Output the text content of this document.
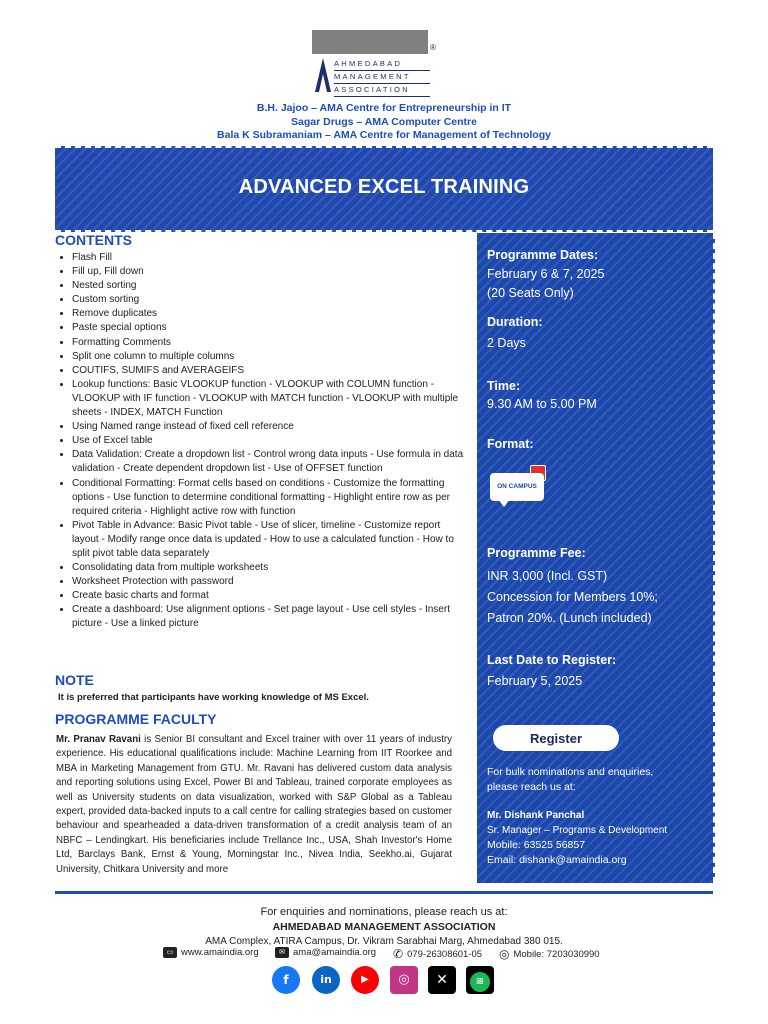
®
AHMEDABAD
MANAGEMENT
ASSOCIATION
B.H. Jajoo – AMA Centre for Entrepreneurship in IT
Sagar Drugs – AMA Computer Centre
Bala K Subramaniam – AMA Centre for Management of Technology
ADVANCED EXCEL TRAINING
CONTENTS
• Flash Fill
• Fill up, Fill down
• Nested sorting
• Custom sorting
• Remove duplicates
• Paste special options
• Formatting Comments
• Split one column to multiple columns
• COUTIFS, SUMIFS and AVERAGEIFS
• Lookup functions: Basic VLOOKUP function - VLOOKUP with COLUMN function - VLOOKUP with IF function - VLOOKUP with MATCH function - VLOOKUP with multiple sheets - INDEX, MATCH Function
• Using Named range instead of fixed cell reference
• Use of Excel table
• Data Validation: Create a dropdown list - Control wrong data inputs - Use formula in data validation - Create dependent dropdown list - Use of OFFSET function
• Conditional Formatting: Format cells based on conditions - Customize the formatting options - Use function to determine conditional formatting - Highlight entire row as per required criteria - Highlight active row with function
• Pivot Table in Advance: Basic Pivot table - Use of slicer, timeline - Customize report layout - Modify range once data is updated - How to use a calculated function - How to split pivot table data separately
• Consolidating data from multiple worksheets
• Worksheet Protection with password
• Create basic charts and format
• Create a dashboard: Use alignment options - Set page layout - Use cell styles - Insert picture - Use a linked picture
NOTE
It is preferred that participants have working knowledge of MS Excel.
PROGRAMME FACULTY
Mr. Pranav Ravani is Senior BI consultant and Excel trainer with over 11 years of industry experience. His educational qualifications include: Machine Learning from IIT Roorkee and MBA in Marketing Management from GTU. Mr. Ravani has delivered custom data analysis and reporting solutions using Excel, Power BI and Tableau, trained corporate employees as well as University students on data visualization, worked with S&P Global as a Tableau expert, provided data-backed inputs to a call centre for calling strategies based on customer behaviour and spearheaded a data-driven transformation of a credit analysis team of an NBFC – Lendingkart. His beneficiaries include Trellance Inc., USA, Shah Investor's Home Ltd, Barclays Bank, Ernst & Young, Morningstar Inc., Nivea India, Seekho.ai, Gujarat University, Chitkara University and more
Programme Dates:
February 6 & 7, 2025
(20 Seats Only)
Duration:
2 Days
Time:
9.30 AM to 5.00 PM
Format:
ON CAMPUS
Programme Fee:
INR 3,000 (Incl. GST)
Concession for Members 10%;
Patron 20%. (Lunch included)
Last Date to Register:
February 5, 2025
Register
For bulk nominations and enquiries,
please reach us at:
Mr. Dishank Panchal
Sr. Manager – Programs & Development
Mobile: 63525 56857
Email: dishank@amaindia.org
For enquiries and nominations, please reach us at:
AHMEDABAD MANAGEMENT ASSOCIATION
AMA Complex, ATIRA Campus, Dr. Vikram Sarabhai Marg, Ahmedabad 380 015.
▭ www.amaindia.org	✉ ama@amaindia.org ✆ 079-26308601-05 ◎ Mobile: 7203030990
f	in	▶	◎	✕	≋
